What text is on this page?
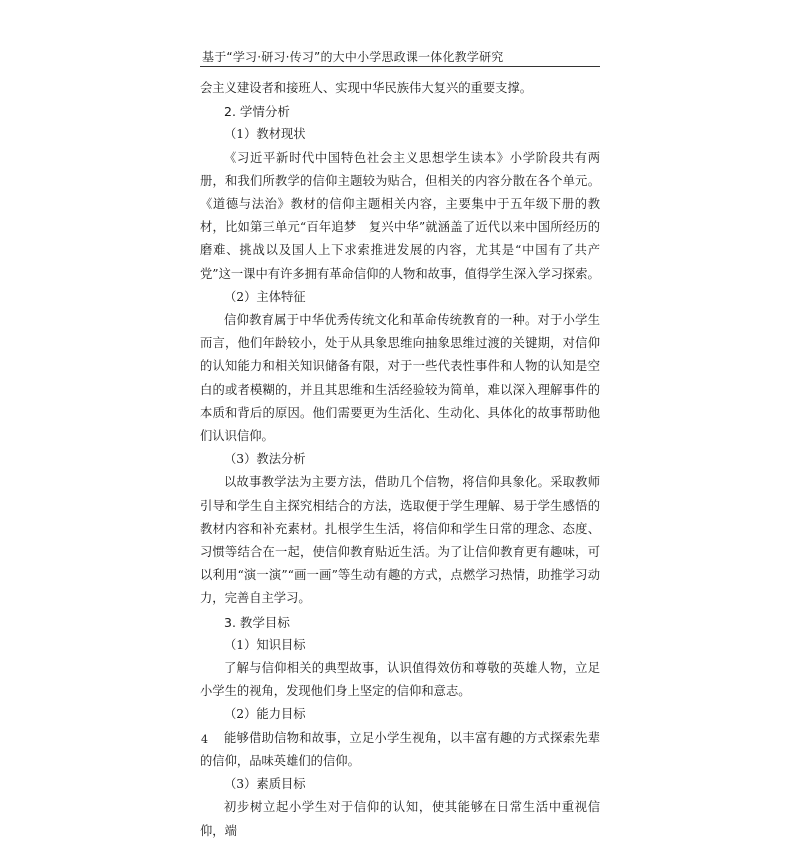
基于“学习·研习·传习”的大中小学思政课一体化教学研究

会主义建设者和接班人、实现中华民族伟大复兴的重要支撑。

2. 学情分析

（1）教材现状

《习近平新时代中国特色社会主义思想学生读本》小学阶段共有两册，和我们所教学的信仰主题较为贴合，但相关的内容分散在各个单元。《道德与法治》教材的信仰主题相关内容，主要集中于五年级下册的教材，比如第三单元“百年追梦　复兴中华”就涵盖了近代以来中国所经历的磨难、挑战以及国人上下求索推进发展的内容，尤其是“中国有了共产党”这一课中有许多拥有革命信仰的人物和故事，值得学生深入学习探索。

（2）主体特征

信仰教育属于中华优秀传统文化和革命传统教育的一种。对于小学生而言，他们年龄较小，处于从具象思维向抽象思维过渡的关键期，对信仰的认知能力和相关知识储备有限，对于一些代表性事件和人物的认知是空白的或者模糊的，并且其思维和生活经验较为简单，难以深入理解事件的本质和背后的原因。他们需要更为生活化、生动化、具体化的故事帮助他们认识信仰。

（3）教法分析

以故事教学法为主要方法，借助几个信物，将信仰具象化。采取教师引导和学生自主探究相结合的方法，选取便于学生理解、易于学生感悟的教材内容和补充素材。扎根学生生活，将信仰和学生日常的理念、态度、习惯等结合在一起，使信仰教育贴近生活。为了让信仰教育更有趣味，可以利用“演一演”“画一画”等生动有趣的方式，点燃学习热情，助推学习动力，完善自主学习。

3. 教学目标

（1）知识目标

了解与信仰相关的典型故事，认识值得效仿和尊敬的英雄人物，立足小学生的视角，发现他们身上坚定的信仰和意志。

（2）能力目标

能够借助信物和故事，立足小学生视角，以丰富有趣的方式探索先辈的信仰，品味英雄们的信仰。

（3）素质目标

初步树立起小学生对于信仰的认知，使其能够在日常生活中重视信仰，端

4
